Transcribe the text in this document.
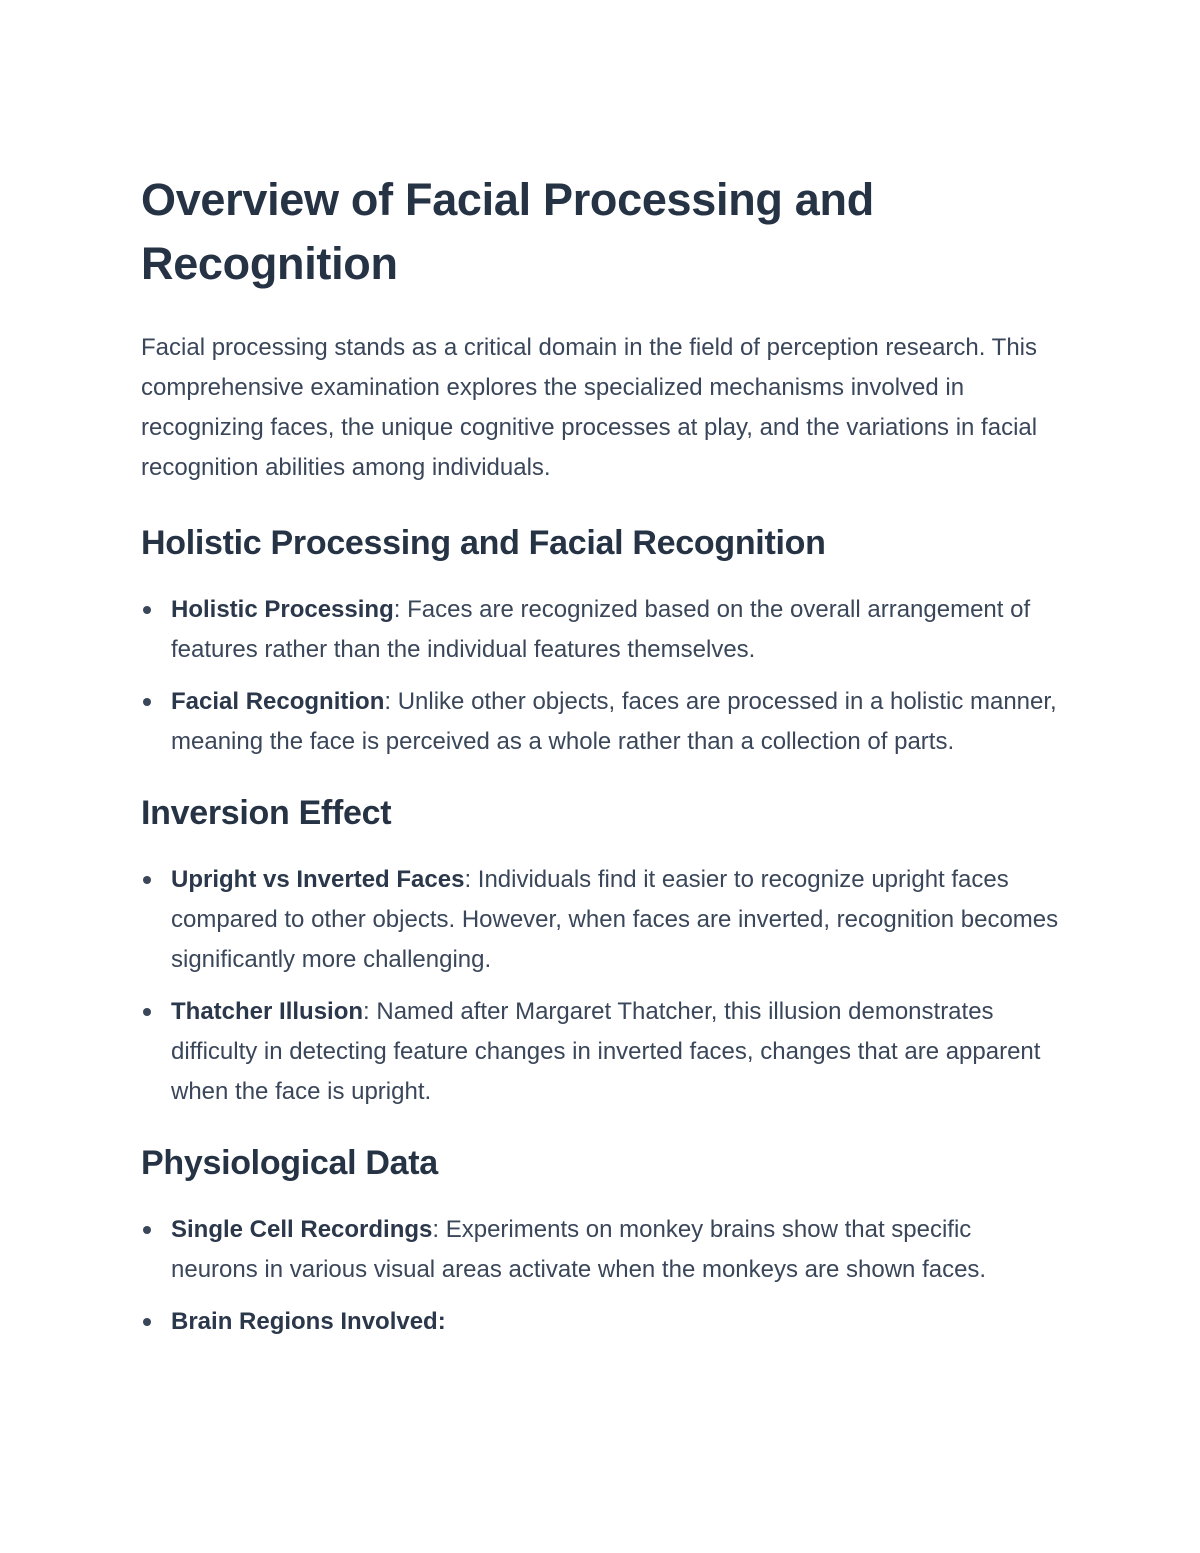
Overview of Facial Processing and Recognition

Facial processing stands as a critical domain in the field of perception research. This comprehensive examination explores the specialized mechanisms involved in recognizing faces, the unique cognitive processes at play, and the variations in facial recognition abilities among individuals.

Holistic Processing and Facial Recognition
Holistic Processing: Faces are recognized based on the overall arrangement of features rather than the individual features themselves.
Facial Recognition: Unlike other objects, faces are processed in a holistic manner, meaning the face is perceived as a whole rather than a collection of parts.
Inversion Effect
Upright vs Inverted Faces: Individuals find it easier to recognize upright faces compared to other objects. However, when faces are inverted, recognition becomes significantly more challenging.
Thatcher Illusion: Named after Margaret Thatcher, this illusion demonstrates difficulty in detecting feature changes in inverted faces, changes that are apparent when the face is upright.
Physiological Data
Single Cell Recordings: Experiments on monkey brains show that specific neurons in various visual areas activate when the monkeys are shown faces.
Brain Regions Involved:
